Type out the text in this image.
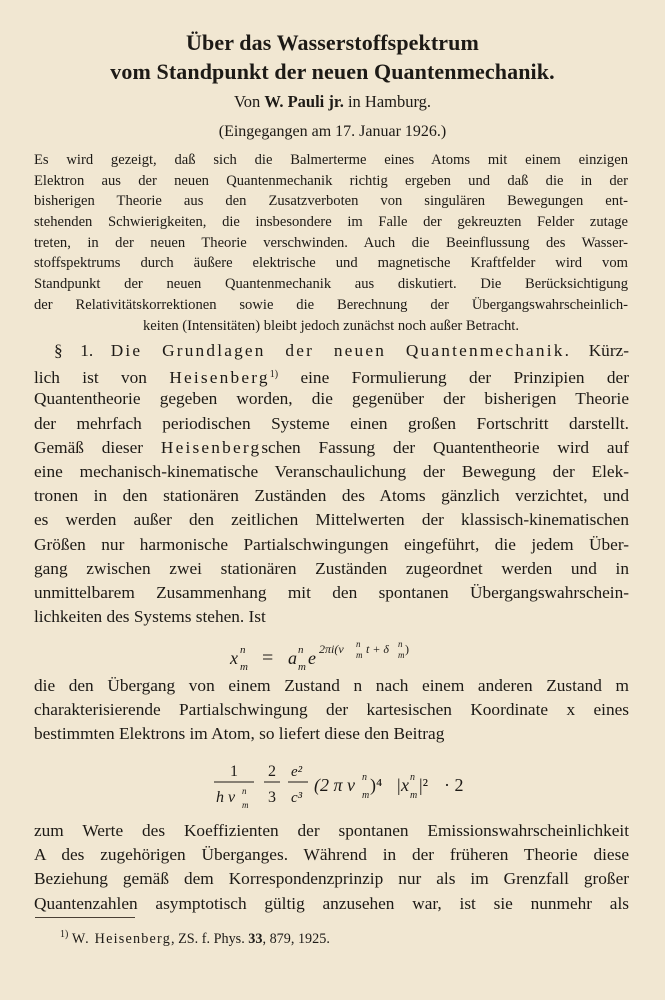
Über das Wasserstoffspektrum
vom Standpunkt der neuen Quantenmechanik.
Von W. Pauli jr. in Hamburg.
(Eingegangen am 17. Januar 1926.)
Es wird gezeigt, daß sich die Balmerterme eines Atoms mit einem einzigen
Elektron aus der neuen Quantenmechanik richtig ergeben und daß die in der
bisherigen Theorie aus den Zusatzverboten von singulären Bewegungen ent-
stehenden Schwierigkeiten, die insbesondere im Falle der gekreuzten Felder zutage
treten, in der neuen Theorie verschwinden. Auch die Beeinflussung des Wasser-
stoffspektrums durch äußere elektrische und magnetische Kraftfelder wird vom
Standpunkt der neuen Quantenmechanik aus diskutiert. Die Berücksichtigung
der Relativitätskorrektionen sowie die Berechnung der Übergangswahrscheinlich-
keiten (Intensitäten) bleibt jedoch zunächst noch außer Betracht.
§ 1. Die Grundlagen der neuen Quantenmechanik. Kürz-
lich ist von Heisenberg$^{1)}$ eine Formulierung der Prinzipien der
Quantentheorie gegeben worden, die gegenüber der bisherigen Theorie
der mehrfach periodischen Systeme einen großen Fortschritt darstellt.
Gemäß dieser Heisenbergschen Fassung der Quantentheorie wird auf
eine mechanisch-kinematische Veranschaulichung der Bewegung der Elek-
tronen in den stationären Zuständen des Atoms gänzlich verzichtet, und
es werden außer den zeitlichen Mittelwerten der klassisch-kinematischen
Größen nur harmonische Partialschwingungen eingeführt, die jedem Über-
gang zwischen zwei stationären Zuständen zugeordnet werden und in
unmittelbarem Zusammenhang mit den spontanen Übergangswahrschein-
lichkeiten des Systems stehen. Ist
x n
m = a n
m e 2πi(ν n
m t + δ n
m )
die den Übergang von einem Zustand n nach einem anderen Zustand m
charakterisierende Partialschwingung der kartesischen Koordinate x eines
bestimmten Elektrons im Atom, so liefert diese den Beitrag
1
h ν n
m
2
3
e²
c³
(2 π ν n
m
)⁴ |x n
m
|² · 2
zum Werte des Koeffizienten der spontanen Emissionswahrscheinlichkeit
A des zugehörigen Überganges. Während in der früheren Theorie diese
Beziehung gemäß dem Korrespondenzprinzip nur als im Grenzfall großer
Quantenzahlen asymptotisch gültig anzusehen war, ist sie nunmehr als
$^{1)}$ W. Heisenberg, ZS. f. Phys. 33, 879, 1925.
